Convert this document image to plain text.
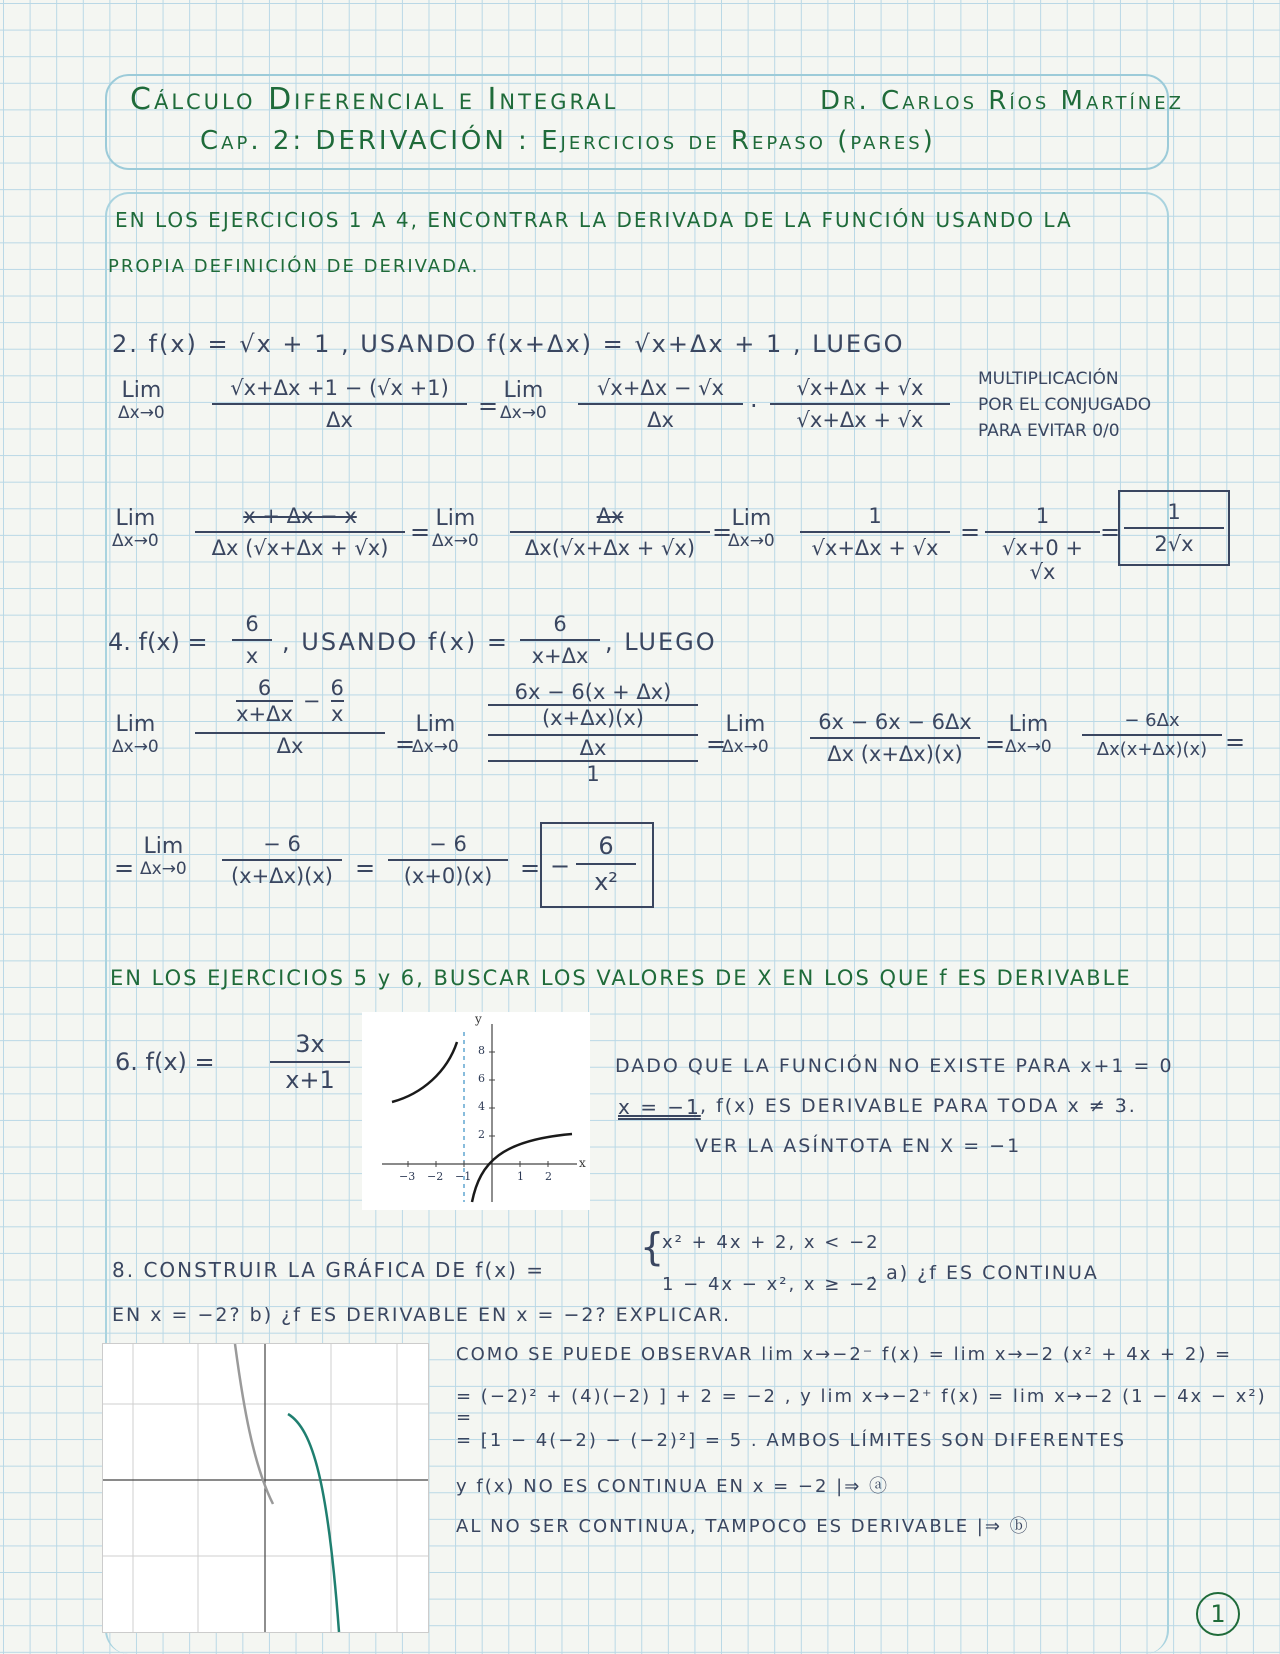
Cálculo Diferencial e Integral	Dr. Carlos Ríos Martínez
Cap. 2: DERIVACIÓN : Ejercicios de Repaso (pares)
EN LOS EJERCICIOS 1 A 4, ENCONTRAR LA DERIVADA DE LA FUNCIÓN USANDO LA
PROPIA DEFINICIÓN DE DERIVADA.
2. f(x) = √x + 1 , USANDO f(x+Δx) = √x+Δx + 1 , LUEGO
Lim
Δx→0
√x+Δx +1 − (√x +1)
Δx	=
Lim
Δx→0
√x+Δx − √x
Δx	·
√x+Δx + √x
√x+Δx + √x
MULTIPLICACIÓN
POR EL CONJUGADO
PARA EVITAR 0/0
Lim
Δx→0
x + Δx − x
Δx (√x+Δx + √x)
= Lim
Δx→0
Δx
Δx(√x+Δx + √x)
= Lim
Δx→0
1
√x+Δx + √x
=
1
√x+0 + √x
=
1
2√x
4. f(x) =
6
x , USANDO f(x) =
6
x+Δx , LUEGO
Lim
Δx→0
6
x+Δx
− $\frac{6}{x}$
Δx	=
Lim
Δx→0
6x − 6(x + Δx)
(x+Δx)(x)
Δx
1
=
Lim
Δx→0
6x − 6x − 6Δx
Δx (x+Δx)(x) =
Lim
Δx→0
− 6Δx
Δx(x+Δx)(x) =
=
Lim
Δx→0
− 6
(x+Δx)(x) =
− 6
(x+0)(x)	= −
6
x²
EN LOS EJERCICIOS 5 y 6, BUSCAR LOS VALORES DE X EN LOS QUE f ES DERIVABLE
6. f(x) =
3x
x+1
y
x
8
6
4
2
−3 −2 −1	1 2
DADO QUE LA FUNCIÓN NO EXISTE PARA x+1 = 0
x = −1 , f(x) ES DERIVABLE PARA TODA x ≠ 3.
VER LA ASÍNTOTA EN X = −1
8. CONSTRUIR LA GRÁFICA DE f(x) =
{
x² + 4x + 2, x < −2
1 − 4x − x², x ≥ −2
. a) ¿f ES CONTINUA
EN x = −2? b) ¿f ES DERIVABLE EN x = −2? EXPLICAR.
COMO SE PUEDE OBSERVAR lim x→−2⁻ f(x) = lim x→−2 (x² + 4x + 2) =
= (−2)² + (4)(−2) ] + 2 = −2 , y lim x→−2⁺ f(x) = lim x→−2 (1 − 4x − x²) =
= [1 − 4(−2) − (−2)²] = 5 . AMBOS LÍMITES SON DIFERENTES
y f(x) NO ES CONTINUA EN x = −2 |⇒ ⓐ
AL NO SER CONTINUA, TAMPOCO ES DERIVABLE |⇒ ⓑ
1
